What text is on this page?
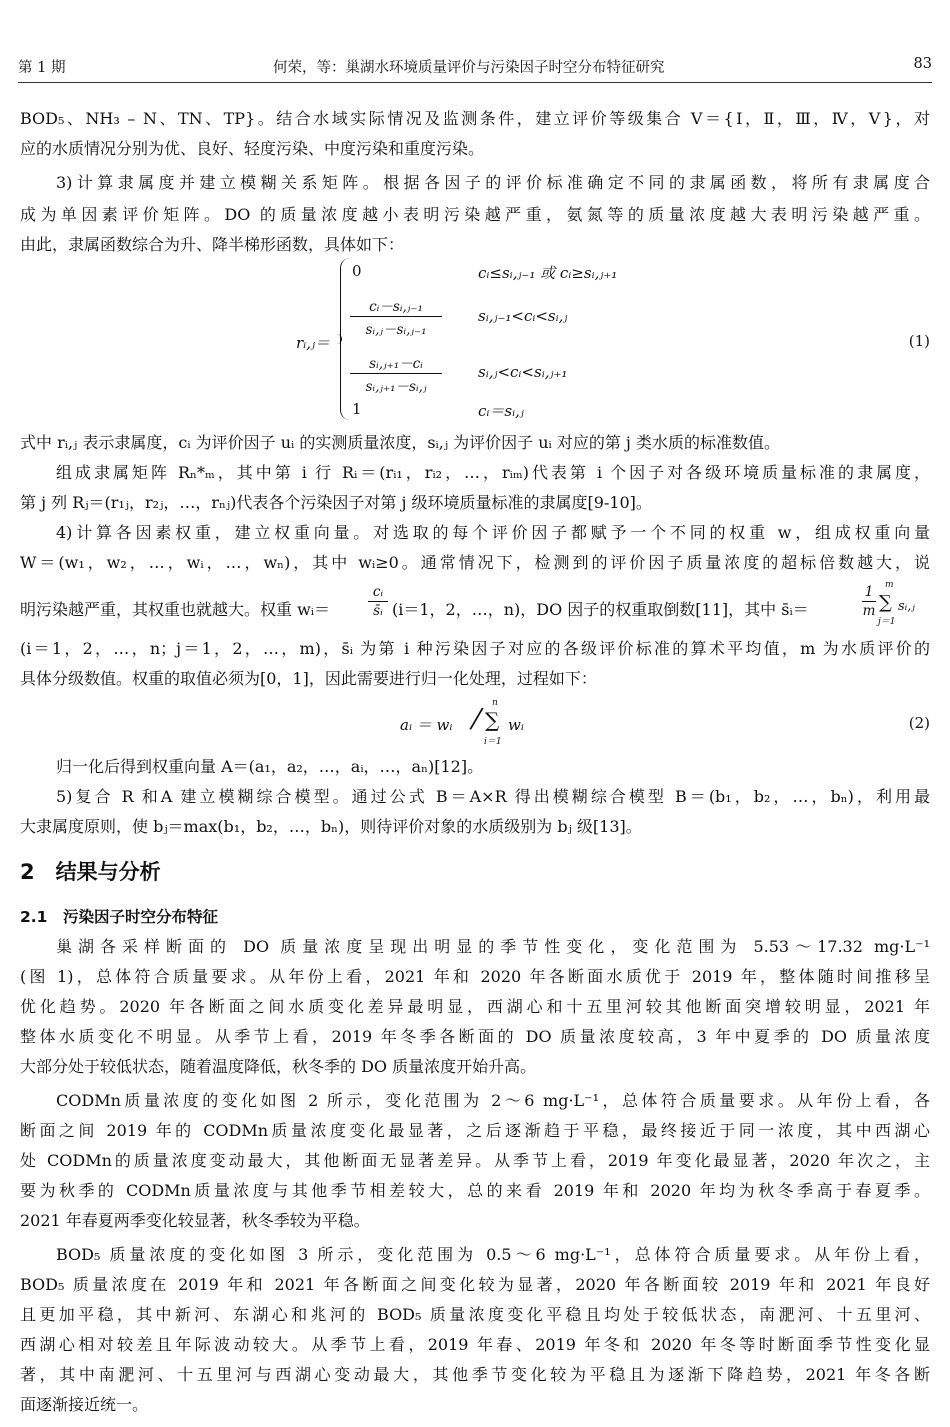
第 1 期	何荣，等：巢湖水环境质量评价与污染因子时空分布特征研究	83
BOD₅、NH₃ – N、TN、TP}。结合水域实际情况及监测条件，建立评价等级集合 V＝{Ⅰ，Ⅱ，Ⅲ，Ⅳ，Ⅴ}，对
应的水质情况分别为优、良好、轻度污染、中度污染和重度污染。
3)计算隶属度并建立模糊关系矩阵。根据各因子的评价标准确定不同的隶属函数，将所有隶属度合
成为单因素评价矩阵。DO 的质量浓度越小表明污染越严重，氨氮等的质量浓度越大表明污染越严重。
由此，隶属函数综合为升、降半梯形函数，具体如下：
rᵢ,ⱼ＝
0	cᵢ≤sᵢ,ⱼ₋₁ 或 cᵢ≥sᵢ,ⱼ₊₁
$\frac{\text{cᵢ－sᵢ,ⱼ₋₁}}{\text{sᵢ,ⱼ－sᵢ,ⱼ₋₁}}$ sᵢ,ⱼ₋₁<cᵢ<sᵢ,ⱼ
$\frac{\text{sᵢ,ⱼ₊₁－cᵢ}}{\text{sᵢ,ⱼ₊₁－sᵢ,ⱼ}}$ sᵢ,ⱼ<cᵢ<sᵢ,ⱼ₊₁
1	cᵢ＝sᵢ,ⱼ
(1)
式中 rᵢ,ⱼ 表示隶属度，cᵢ 为评价因子 uᵢ 的实测质量浓度，sᵢ,ⱼ 为评价因子 uᵢ 对应的第 j 类水质的标准数值。
组成隶属矩阵 Rₙ*ₘ，其中第 i 行 Rᵢ＝(rᵢ₁，rᵢ₂，…，rᵢₘ)代表第 i 个因子对各级环境质量标准的隶属度，
第 j 列 Rⱼ＝(r₁ⱼ，r₂ⱼ，…，rₙⱼ)代表各个污染因子对第 j 级环境质量标准的隶属度[9-10]。
4)计算各因素权重，建立权重向量。对选取的每个评价因子都赋予一个不同的权重 w，组成权重向量
W＝(w₁，w₂，…，wᵢ，…，wₙ)，其中 wᵢ≥0。通常情况下，检测到的评价因子质量浓度的超标倍数越大，说
明污染越严重，其权重也就越大。权重 wᵢ＝	$\frac{\text{cᵢ}}{\text{s̄ᵢ}} (i=1$，2，…，n)，DO 因子的权重取倒数[11]，其中 s̄ᵢ＝	$\frac{1}{m}$ m
∑
j＝1
sᵢ,ⱼ
(i＝1，2，…，n；j＝1，2，…，m)，s̄ᵢ 为第 i 种污染因子对应的各级评价标准的算术平均值，m 为水质评价的
具体分级数值。权重的取值必须为[0，1]，因此需要进行归一化处理，过程如下：
aᵢ ＝ wᵢ /
n
∑
i＝1
wᵢ	(2)
归一化后得到权重向量 A＝(a₁，a₂，…，aᵢ，…，aₙ)[12]。
5)复合 R 和A 建立模糊综合模型。通过公式 B＝A×R 得出模糊综合模型 B＝(b₁，b₂，…，bₙ)，利用最
大隶属度原则，使 bⱼ＝max(b₁，b₂，…，bₙ)，则待评价对象的水质级别为 bⱼ 级[13]。
2　结果与分析
2.1　污染因子时空分布特征
巢湖各采样断面的 DO 质量浓度呈现出明显的季节性变化，变化范围为 5.53～17.32 mg·L⁻¹
(图 1)，总体符合质量要求。从年份上看，2021 年和 2020 年各断面水质优于 2019 年，整体随时间推移呈
优化趋势。2020 年各断面之间水质变化差异最明显，西湖心和十五里河较其他断面突增较明显，2021 年
整体水质变化不明显。从季节上看，2019 年冬季各断面的 DO 质量浓度较高，3 年中夏季的 DO 质量浓度
大部分处于较低状态，随着温度降低，秋冬季的 DO 质量浓度开始升高。
CODMn质量浓度的变化如图 2 所示，变化范围为 2～6 mg·L⁻¹，总体符合质量要求。从年份上看，各
断面之间 2019 年的 CODMn质量浓度变化最显著，之后逐渐趋于平稳，最终接近于同一浓度，其中西湖心
处 CODMn的质量浓度变动最大，其他断面无显著差异。从季节上看，2019 年变化最显著，2020 年次之，主
要为秋季的 CODMn质量浓度与其他季节相差较大，总的来看 2019 年和 2020 年均为秋冬季高于春夏季。
2021 年春夏两季变化较显著，秋冬季较为平稳。
BOD₅ 质量浓度的变化如图 3 所示，变化范围为 0.5～6 mg·L⁻¹，总体符合质量要求。从年份上看，
BOD₅ 质量浓度在 2019 年和 2021 年各断面之间变化较为显著，2020 年各断面较 2019 年和 2021 年良好
且更加平稳，其中新河、东湖心和兆河的 BOD₅ 质量浓度变化平稳且均处于较低状态，南淝河、十五里河、
西湖心相对较差且年际波动较大。从季节上看，2019 年春、2019 年冬和 2020 年冬等时断面季节性变化显
著，其中南淝河、十五里河与西湖心变动最大，其他季节变化较为平稳且为逐渐下降趋势，2021 年冬各断
面逐渐接近统一。
